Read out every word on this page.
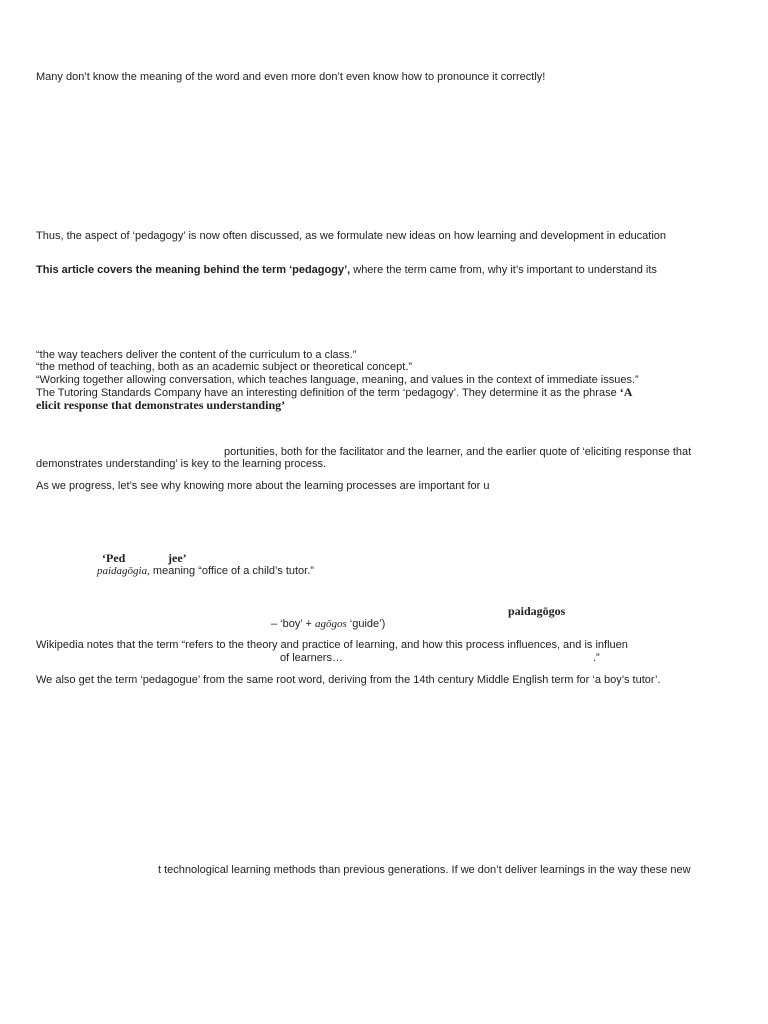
Many don’t know the meaning of the word and even more don’t even know how to pronounce it correctly!

Thus, the aspect of ‘pedagogy’ is now often discussed, as we formulate new ideas on how learning and development in education

This article covers the meaning behind the term ‘pedagogy’, where the term came from, why it’s important to understand its

“the way teachers deliver the content of the curriculum to a class.”

“the method of teaching, both as an academic subject or theoretical concept.”

“Working together allowing conversation, which teaches language, meaning, and values in the context of immediate issues.”

The Tutoring Standards Company have an interesting definition of the term ‘pedagogy’. They determine it as the phrase ‘A

elicit response that demonstrates understanding’

portunities, both for the facilitator and the learner, and the earlier quote of ‘eliciting response that

demonstrates understanding’ is key to the learning process.

As we progress, let’s see why knowing more about the learning processes are important for u

‘Ped	jee’

paidagōgia, meaning “office of a child’s tutor.”

paidagōgos

– ‘boy’ + agōgos ‘guide’)

Wikipedia notes that the term “refers to the theory and practice of learning, and how this process influences, and is influen

of learners…	.”

We also get the term ‘pedagogue’ from the same root word, deriving from the 14th century Middle English term for ‘a boy’s tutor’.

t technological learning methods than previous generations. If we don’t deliver learnings in the way these new
